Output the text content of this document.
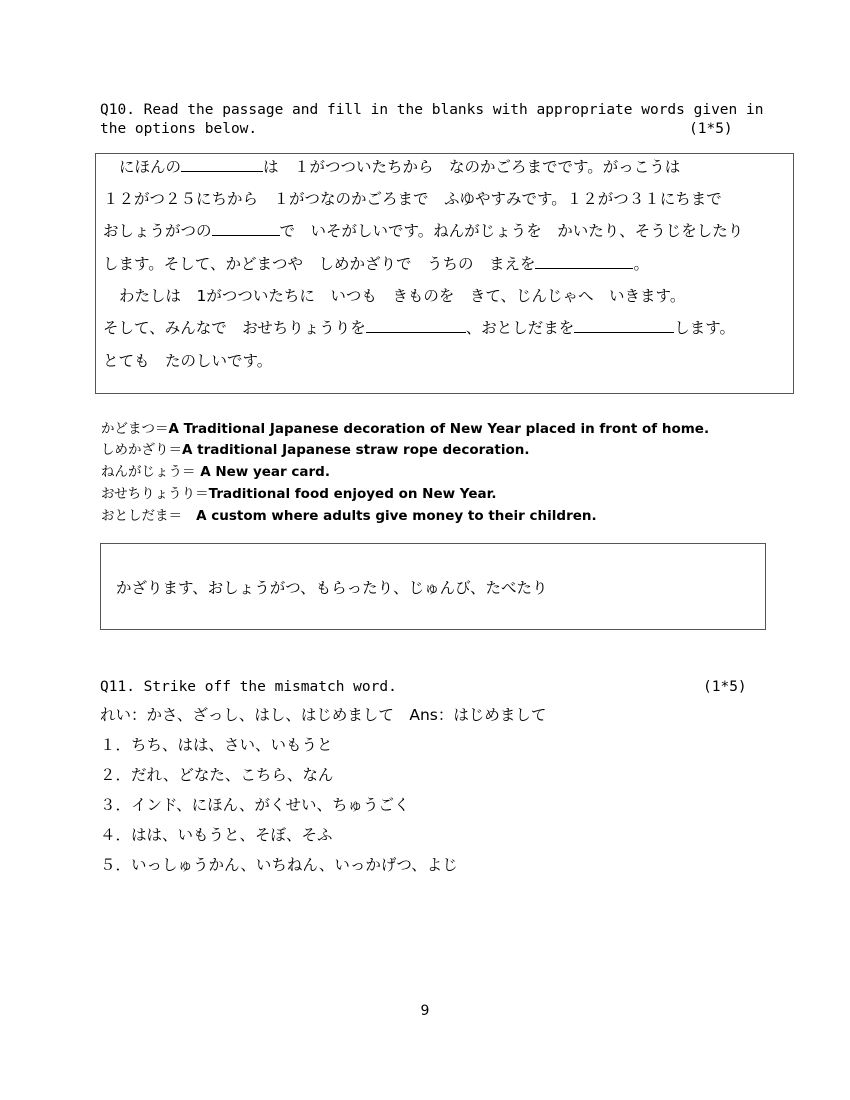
Q10. Read the passage and fill in the blanks with appropriate words given in
the options below.	(1*5)
にほんの	は　１がつついたちから　なのかごろまでです。がっこうは
１２がつ２５にちから　１がつなのかごろまで　ふゆやすみです。１２がつ３１にちまで
おしょうがつの	で　いそがしいです。ねんがじょうを　かいたり、そうじをしたり
します。そして、かどまつや　しめかざりで　うちの　まえを	。
わたしは　1がつついたちに　いつも　きものを　きて、じんじゃへ　いきます。
そして、みんなで　おせちりょうりを	、おとしだまを	します。
とても　たのしいです。
かどまつ＝A Traditional Japanese decoration of New Year placed in front of home.
しめかざり＝A traditional Japanese straw rope decoration.
ねんがじょう＝ A New year card.
おせちりょうり＝Traditional food enjoyed on New Year.
おとしだま＝   A custom where adults give money to their children.
かざります、おしょうがつ、もらったり、じゅんび、たべたり
Q11. Strike off the mismatch word.	(1*5)
れい：かさ、ざっし、はし、はじめまして　Ans：はじめまして
１．ちち、はは、さい、いもうと
２．だれ、どなた、こちら、なん
３．インド、にほん、がくせい、ちゅうごく
４．はは、いもうと、そぼ、そふ
５．いっしゅうかん、いちねん、いっかげつ、よじ
9
